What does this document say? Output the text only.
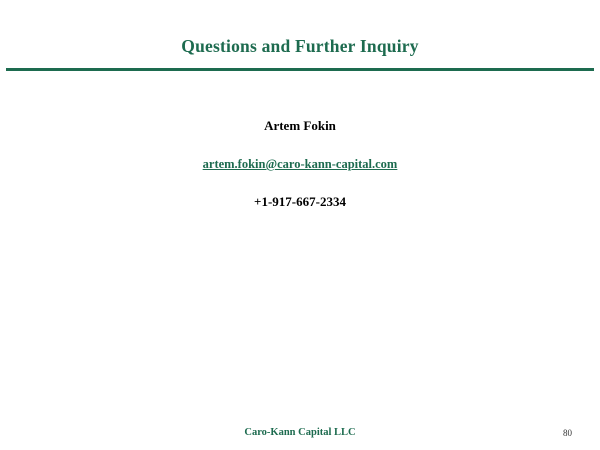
Questions and Further Inquiry
Artem Fokin
artem.fokin@caro-kann-capital.com
+1-917-667-2334
Caro-Kann Capital LLC	80
